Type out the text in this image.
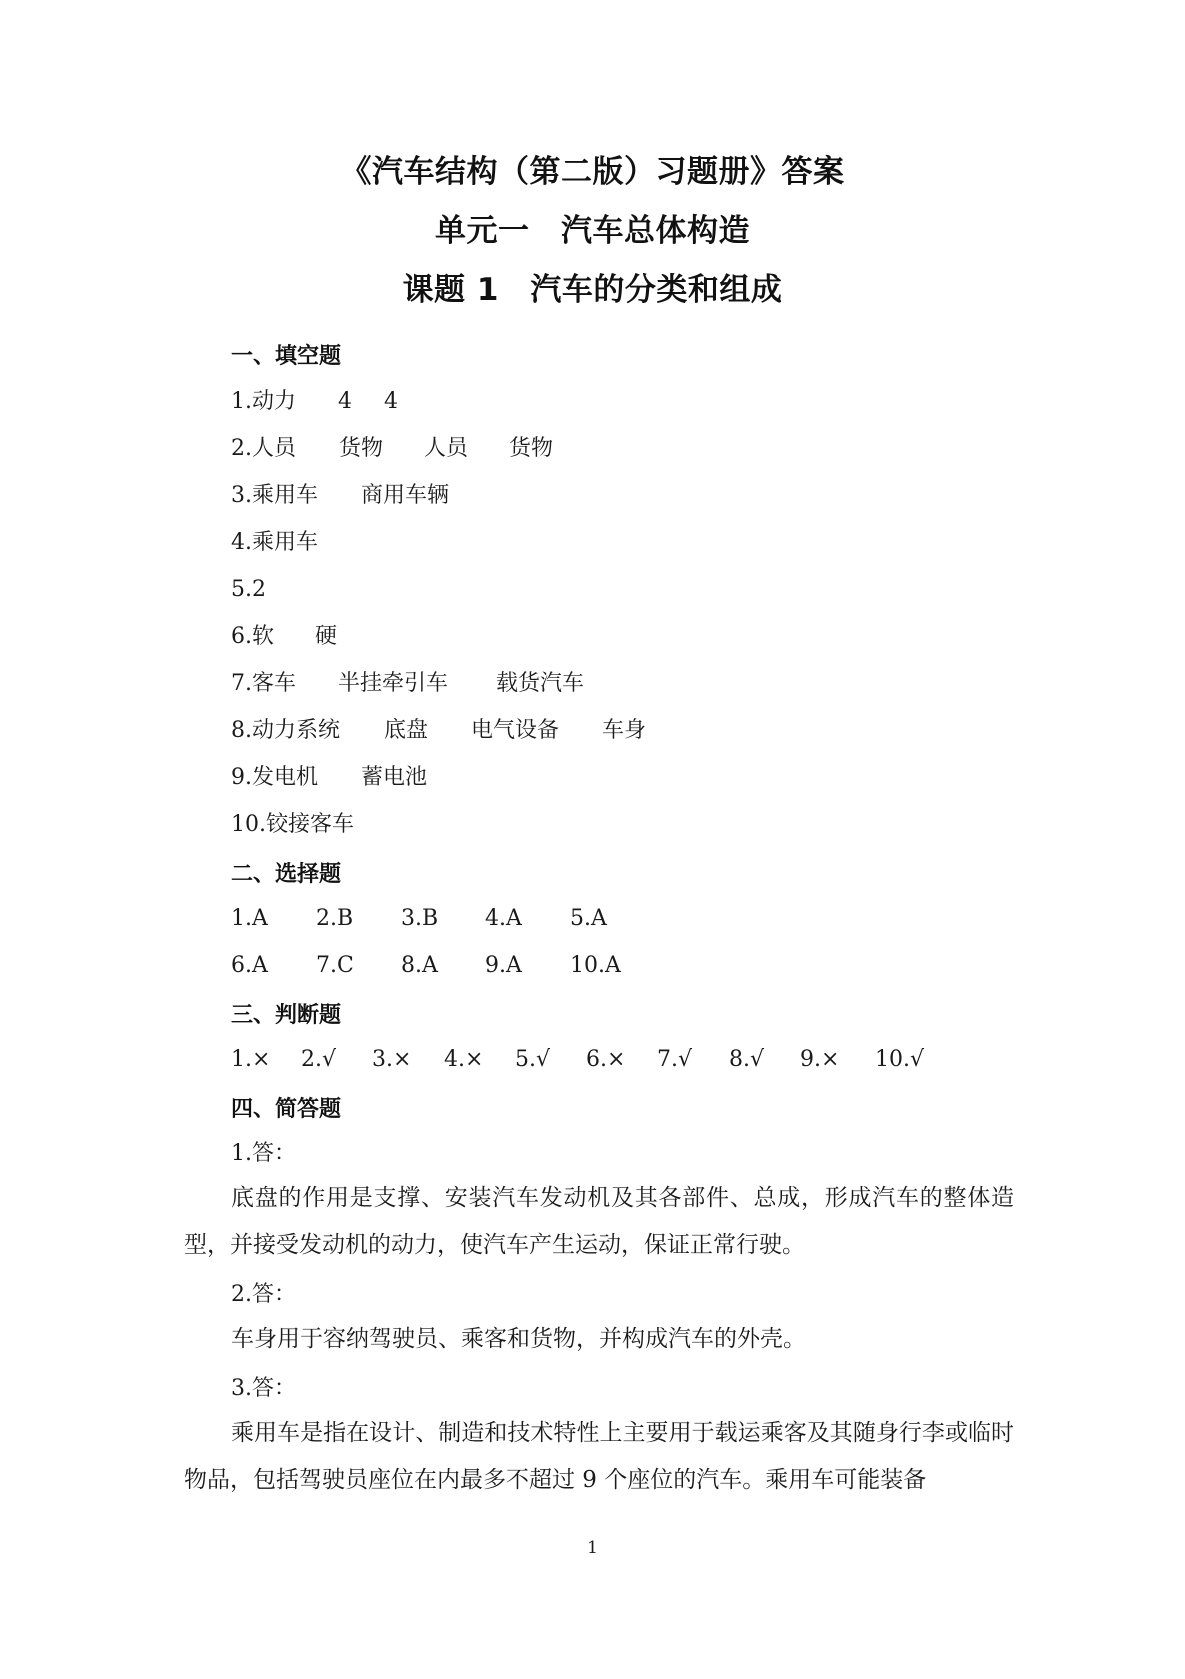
《汽车结构（第二版）习题册》答案
单元一　汽车总体构造
课题 1　汽车的分类和组成
一、填空题
1.动力 4 4
2.人员 货物 人员 货物
3.乘用车 商用车辆
4.乘用车
5.2
6.软 硬
7.客车 半挂牵引车 载货汽车
8.动力系统 底盘 电气设备 车身
9.发电机 蓄电池
10.铰接客车
二、选择题
1.A 2.B 3.B 4.A 5.A
6.A 7.C 8.A 9.A 10.A
三、判断题
1.× 2.√ 3.× 4.× 5.√ 6.× 7.√ 8.√ 9.× 10.√
四、简答题
1.答：
底盘的作用是支撑、安装汽车发动机及其各部件、总成，形成汽车的整体造型，并接受发动机的动力，使汽车产生运动，保证正常行驶。
2.答：
车身用于容纳驾驶员、乘客和货物，并构成汽车的外壳。
3.答：
乘用车是指在设计、制造和技术特性上主要用于载运乘客及其随身行李或临时物品，包括驾驶员座位在内最多不超过 9 个座位的汽车。乘用车可能装备
1
